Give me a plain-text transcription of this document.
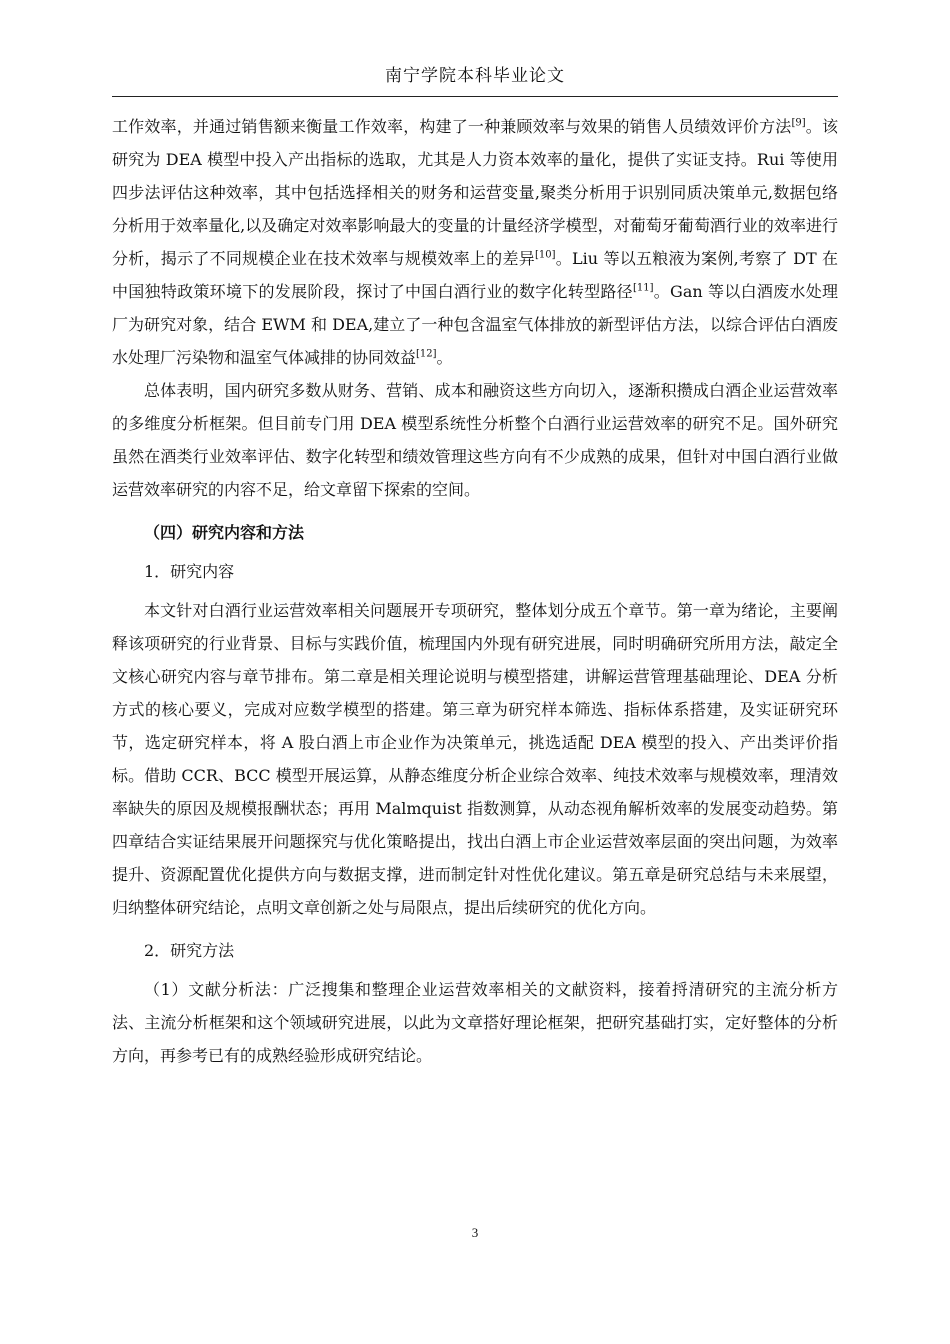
南宁学院本科毕业论文

工作效率，并通过销售额来衡量工作效率，构建了一种兼顾效率与效果的销售人员绩效评价方法[9]。该研究为 DEA 模型中投入产出指标的选取，尤其是人力资本效率的量化，提供了实证支持。Rui 等使用四步法评估这种效率，其中包括选择相关的财务和运营变量,聚类分析用于识别同质决策单元,数据包络分析用于效率量化,以及确定对效率影响最大的变量的计量经济学模型，对葡萄牙葡萄酒行业的效率进行分析，揭示了不同规模企业在技术效率与规模效率上的差异[10]。Liu 等以五粮液为案例,考察了 DT 在中国独特政策环境下的发展阶段，探讨了中国白酒行业的数字化转型路径[11]。Gan 等以白酒废水处理厂为研究对象，结合 EWM 和 DEA,建立了一种包含温室气体排放的新型评估方法，以综合评估白酒废水处理厂污染物和温室气体减排的协同效益[12]。

总体表明，国内研究多数从财务、营销、成本和融资这些方向切入，逐渐积攒成白酒企业运营效率的多维度分析框架。但目前专门用 DEA 模型系统性分析整个白酒行业运营效率的研究不足。国外研究虽然在酒类行业效率评估、数字化转型和绩效管理这些方向有不少成熟的成果，但针对中国白酒行业做运营效率研究的内容不足，给文章留下探索的空间。

（四）研究内容和方法

1．研究内容

本文针对白酒行业运营效率相关问题展开专项研究，整体划分成五个章节。第一章为绪论，主要阐释该项研究的行业背景、目标与实践价值，梳理国内外现有研究进展，同时明确研究所用方法，敲定全文核心研究内容与章节排布。第二章是相关理论说明与模型搭建，讲解运营管理基础理论、DEA 分析方式的核心要义，完成对应数学模型的搭建。第三章为研究样本筛选、指标体系搭建，及实证研究环节，选定研究样本，将 A 股白酒上市企业作为决策单元，挑选适配 DEA 模型的投入、产出类评价指标。借助 CCR、BCC 模型开展运算，从静态维度分析企业综合效率、纯技术效率与规模效率，理清效率缺失的原因及规模报酬状态；再用 Malmquist 指数测算，从动态视角解析效率的发展变动趋势。第四章结合实证结果展开问题探究与优化策略提出，找出白酒上市企业运营效率层面的突出问题，为效率提升、资源配置优化提供方向与数据支撑，进而制定针对性优化建议。第五章是研究总结与未来展望，归纳整体研究结论，点明文章创新之处与局限点，提出后续研究的优化方向。

2．研究方法

（1）文献分析法：广泛搜集和整理企业运营效率相关的文献资料，接着捋清研究的主流分析方法、主流分析框架和这个领域研究进展，以此为文章搭好理论框架，把研究基础打实，定好整体的分析方向，再参考已有的成熟经验形成研究结论。

3
